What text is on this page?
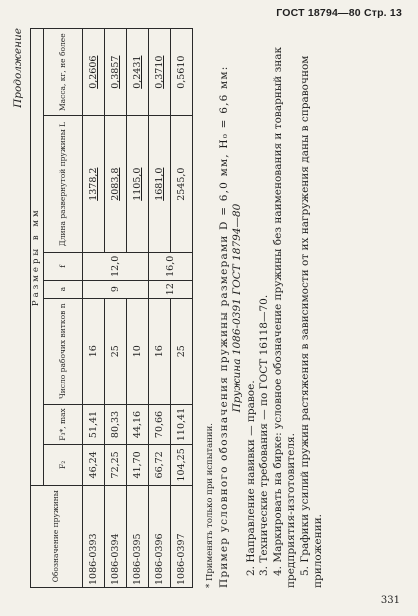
ГОСТ 18794—80 Стр. 13
Продолжение
Обозначение пружины	Размеры в мм						
	F₂	F₃*, max	Число рабочих витков n	a	f	Длина развернутой пружины L	Масса, кг, не более
1086-0393	46,24	51,41	16	9	12,0	1378,2	0,2606
1086-0394	72,25	80,33	25			2083,8	0,3857
1086-0395	41,70	44,16	10			1105,0	0,2431
1086-0396	66,72	70,66	16	12	16,0	1681,0	0,3710
1086-0397	104,25	110,41	25			2545,0	0,5610

* Применять только при испытании. Пример условного обозначения пружины размерами D = 6,0 мм, H₀ = 6,6 мм: Пружина 1086-0391 ГОСТ 18794—80

2. Направление навивки — правое. 3. Технические требования — по ГОСТ 16118—70. 4. Маркировать на бирке: условное обозначение пружины без наименования и товарный знак предприятия-изготовителя. 5. Графики усилий пружин растяжения в зависимости от их нагружения даны в справочном приложении.

331
